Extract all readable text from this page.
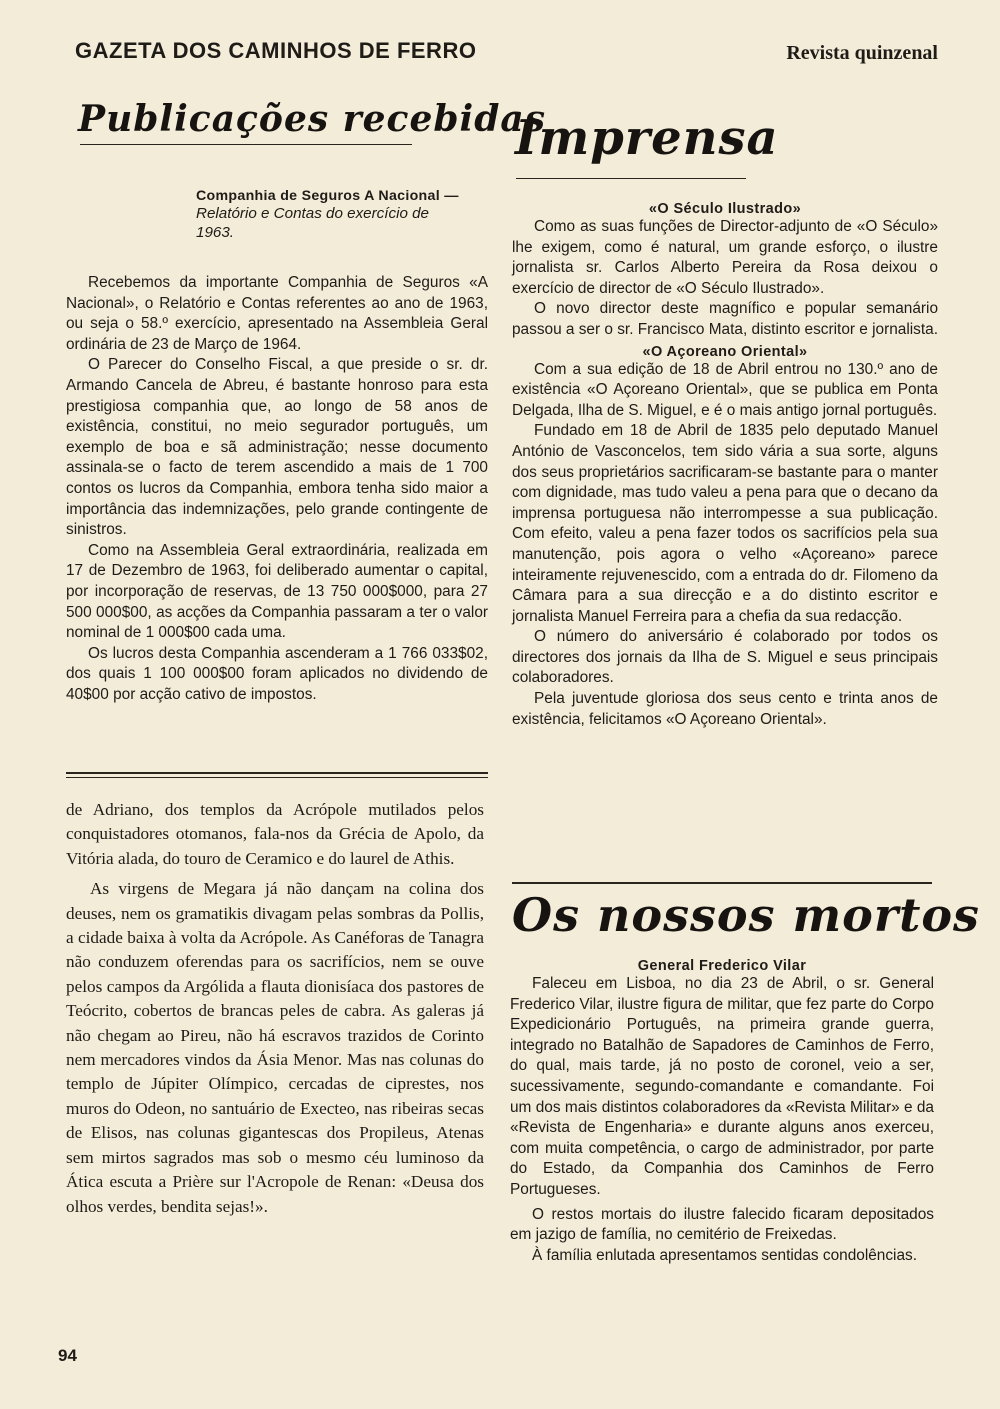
GAZETA DOS CAMINHOS DE FERRO	Revista quinzenal
Publicações recebidas
Companhia de Seguros A Nacional —
Relatório e Contas do exercício de
1963.

Recebemos da importante Companhia de Seguros «A Nacional», o Relatório e Contas referentes ao ano de 1963, ou seja o 58.º exercício, apresentado na Assembleia Geral ordinária de 23 de Março de 1964.

O Parecer do Conselho Fiscal, a que preside o sr. dr. Armando Cancela de Abreu, é bastante honroso para esta prestigiosa companhia que, ao longo de 58 anos de existência, constitui, no meio segurador português, um exemplo de boa e sã administração; nesse documento assinala-se o facto de terem ascendido a mais de 1 700 contos os lucros da Companhia, embora tenha sido maior a importância das indemnizações, pelo grande contingente de sinistros.

Como na Assembleia Geral extraordinária, realizada em 17 de Dezembro de 1963, foi deliberado aumentar o capital, por incorporação de reservas, de 13 750 000$000, para 27 500 000$00, as acções da Companhia passaram a ter o valor nominal de 1 000$00 cada uma.

Os lucros desta Companhia ascenderam a 1 766 033$02, dos quais 1 100 000$00 foram aplicados no dividendo de 40$00 por acção cativo de impostos.

de Adriano, dos templos da Acrópole mutilados pelos conquistadores otomanos, fala-nos da Grécia de Apolo, da Vitória alada, do touro de Ceramico e do laurel de Athis.

As virgens de Megara já não dançam na colina dos deuses, nem os gramatikis divagam pelas sombras da Pollis, a cidade baixa à volta da Acrópole. As Canéforas de Tanagra não conduzem oferendas para os sacrifícios, nem se ouve pelos campos da Argólida a flauta dionisíaca dos pastores de Teócrito, cobertos de brancas peles de cabra. As galeras já não chegam ao Pireu, não há escravos trazidos de Corinto nem mercadores vindos da Ásia Menor. Mas nas colunas do templo de Júpiter Olímpico, cercadas de ciprestes, nos muros do Odeon, no santuário de Execteo, nas ribeiras secas de Elisos, nas colunas gigantescas dos Propileus, Atenas sem mirtos sagrados mas sob o mesmo céu luminoso da Ática escuta a Prière sur l'Acropole de Renan: «Deusa dos olhos verdes, bendita sejas!».

Imprensa
«O Século Ilustrado»

Como as suas funções de Director-adjunto de «O Século» lhe exigem, como é natural, um grande esforço, o ilustre jornalista sr. Carlos Alberto Pereira da Rosa deixou o exercício de director de «O Século Ilustrado».

O novo director deste magnífico e popular semanário passou a ser o sr. Francisco Mata, distinto escritor e jornalista.

«O Açoreano Oriental»

Com a sua edição de 18 de Abril entrou no 130.º ano de existência «O Açoreano Oriental», que se publica em Ponta Delgada, Ilha de S. Miguel, e é o mais antigo jornal português.

Fundado em 18 de Abril de 1835 pelo deputado Manuel António de Vasconcelos, tem sido vária a sua sorte, alguns dos seus proprietários sacrificaram-se bastante para o manter com dignidade, mas tudo valeu a pena para que o decano da imprensa portuguesa não interrompesse a sua publicação. Com efeito, valeu a pena fazer todos os sacrifícios pela sua manutenção, pois agora o velho «Açoreano» parece inteiramente rejuvenescido, com a entrada do dr. Filomeno da Câmara para a sua direcção e a do distinto escritor e jornalista Manuel Ferreira para a chefia da sua redacção.

O número do aniversário é colaborado por todos os directores dos jornais da Ilha de S. Miguel e seus principais colaboradores.

Pela juventude gloriosa dos seus cento e trinta anos de existência, felicitamos «O Açoreano Oriental».

Os nossos mortos
General Frederico Vilar

Faleceu em Lisboa, no dia 23 de Abril, o sr. General Frederico Vilar, ilustre figura de militar, que fez parte do Corpo Expedicionário Português, na primeira grande guerra, integrado no Batalhão de Sapadores de Caminhos de Ferro, do qual, mais tarde, já no posto de coronel, veio a ser, sucessivamente, segundo-comandante e comandante. Foi um dos mais distintos colaboradores da «Revista Militar» e da «Revista de Engenharia» e durante alguns anos exerceu, com muita competência, o cargo de administrador, por parte do Estado, da Companhia dos Caminhos de Ferro Portugueses.

O restos mortais do ilustre falecido ficaram depositados em jazigo de família, no cemitério de Freixedas.

À família enlutada apresentamos sentidas condolências.

94
